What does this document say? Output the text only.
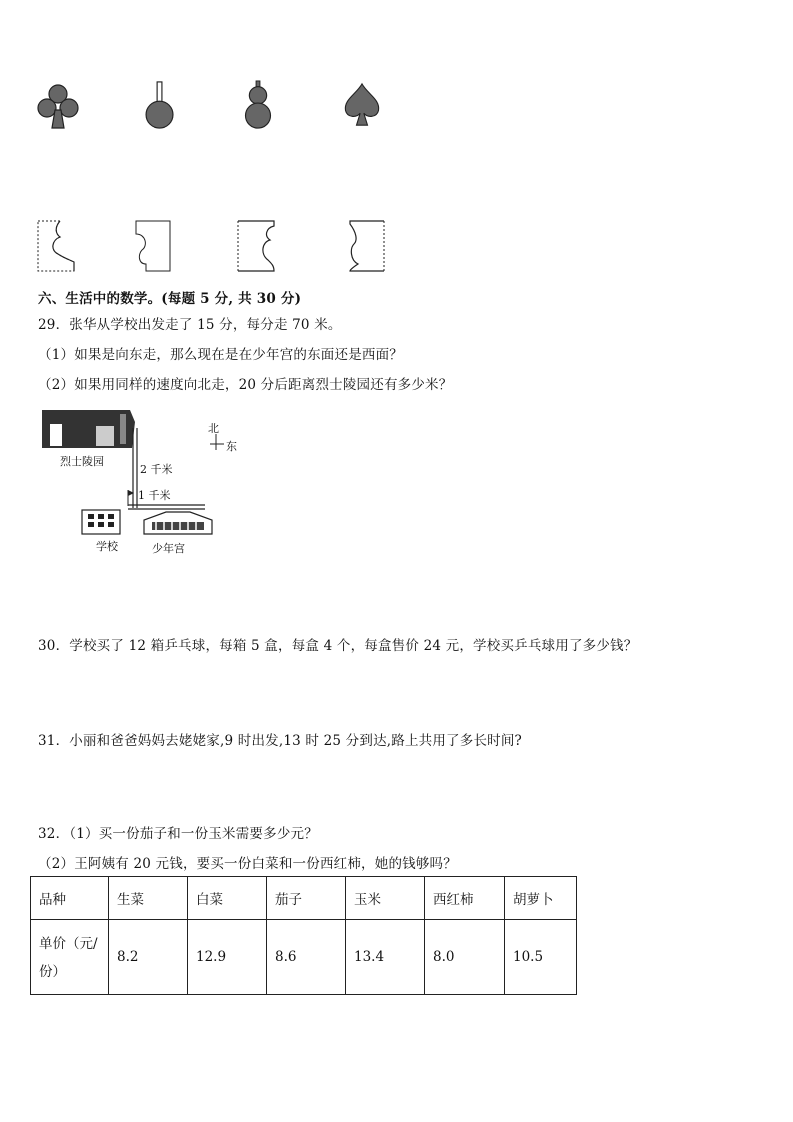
六、生活中的数学。(每题 5 分, 共 30 分)
29．张华从学校出发走了 15 分，每分走 70 米。
（1）如果是向东走，那么现在是在少年宫的东面还是西面？
（2）如果用同样的速度向北走，20 分后距离烈士陵园还有多少米？
北
东
烈士陵园
2 千米
1 千米
学校	少年宫
30．学校买了 12 箱乒乓球，每箱 5 盒，每盒 4 个，每盒售价 24 元，学校买乒乓球用了多少钱？
31．小丽和爸爸妈妈去姥姥家,9 时出发,13 时 25 分到达,路上共用了多长时间?
32．（1）买一份茄子和一份玉米需要多少元？
（2）王阿姨有 20 元钱，要买一份白菜和一份西红柿，她的钱够吗？
品种	生菜	白菜	茄子	玉米	西红柿	胡萝卜

单价（元/
份）	8.2	12.9	8.6	13.4	8.0	10.5
